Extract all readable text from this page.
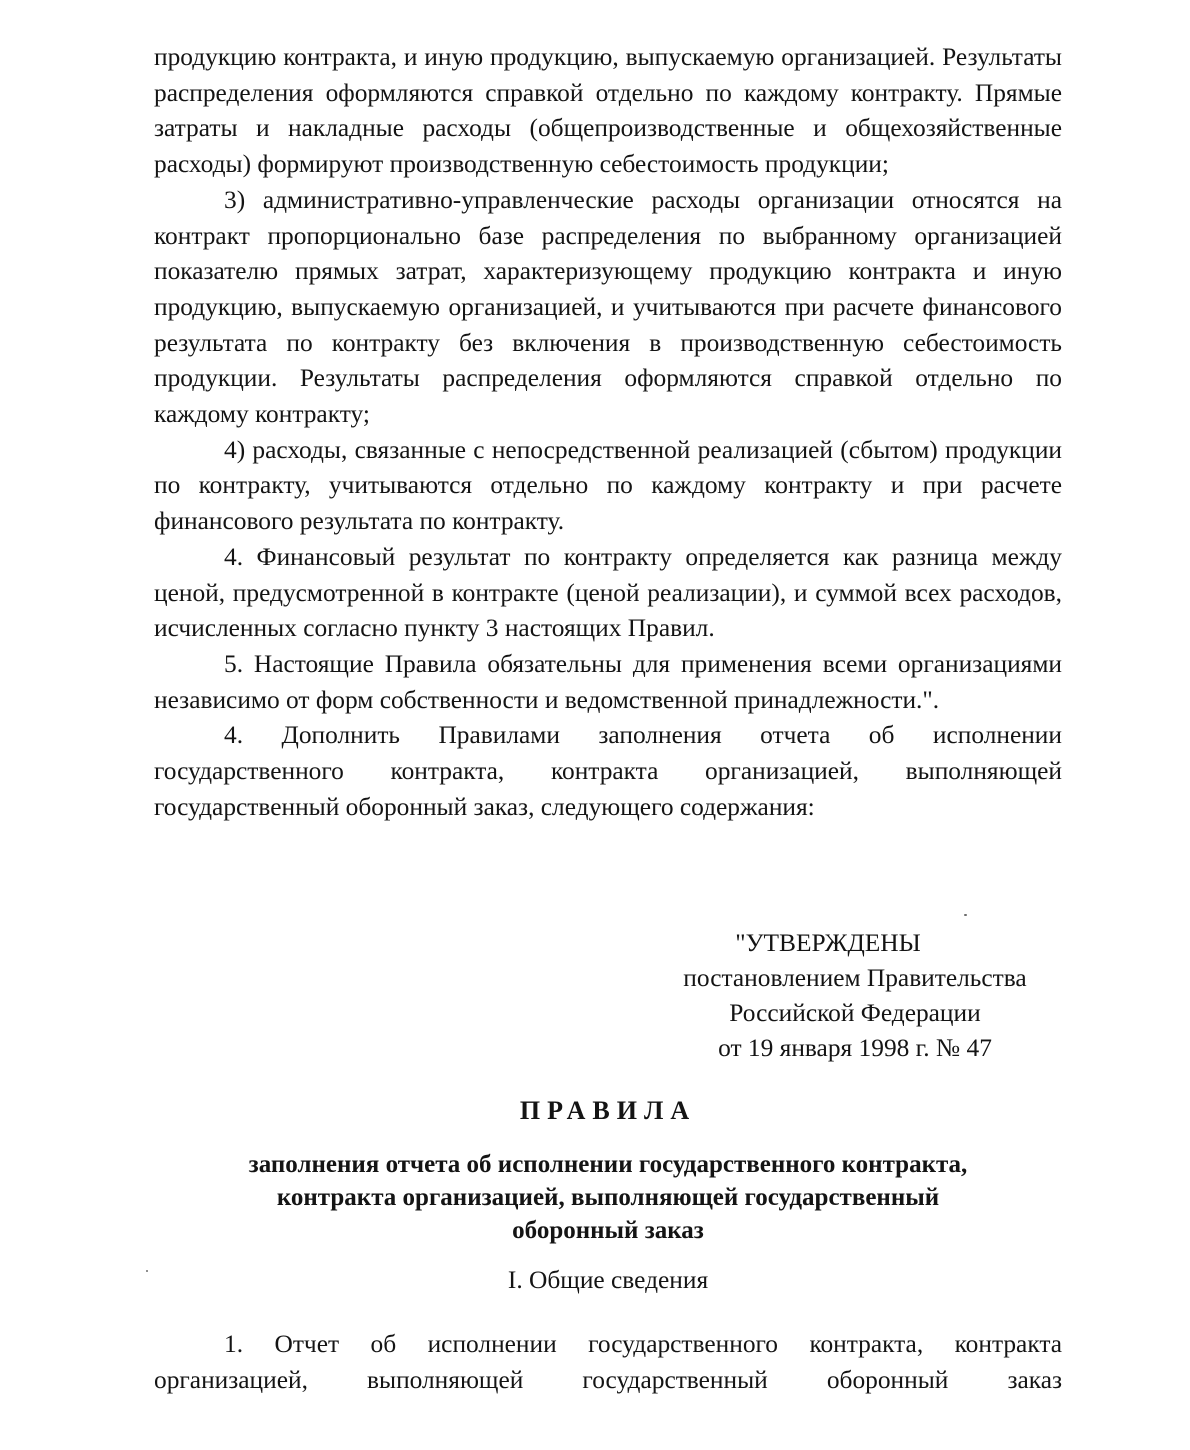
продукцию контракта, и иную продукцию, выпускаемую организацией. Результаты распределения оформляются справкой отдельно по каждому контракту. Прямые затраты и накладные расходы (общепроизводственные и общехозяйственные расходы) формируют производственную себестоимость продукции;

3) административно-управленческие расходы организации относятся на контракт пропорционально базе распределения по выбранному организацией показателю прямых затрат, характеризующему продукцию контракта и иную продукцию, выпускаемую организацией, и учитываются при расчете финансового результата по контракту без включения в производственную себестоимость продукции. Результаты распределения оформляются справкой отдельно по каждому контракту;

4) расходы, связанные с непосредственной реализацией (сбытом) продукции по контракту, учитываются отдельно по каждому контракту и при расчете финансового результата по контракту.

4. Финансовый результат по контракту определяется как разница между ценой, предусмотренной в контракте (ценой реализации), и суммой всех расходов, исчисленных согласно пункту 3 настоящих Правил.

5. Настоящие Правила обязательны для применения всеми организациями независимо от форм собственности и ведомственной принадлежности.".

4. Дополнить Правилами заполнения отчета об исполнении государственного контракта, контракта организацией, выполняющей государственный оборонный заказ, следующего содержания:

"УТВЕРЖДЕНЫ
постановлением Правительства
Российской Федерации
от 19 января 1998 г. № 47
ПРАВИЛА
заполнения отчета об исполнении государственного контракта,
контракта организацией, выполняющей государственный
оборонный заказ
I. Общие сведения
1. Отчет об исполнении государственного контракта, контракта организацией, выполняющей государственный оборонный заказ
